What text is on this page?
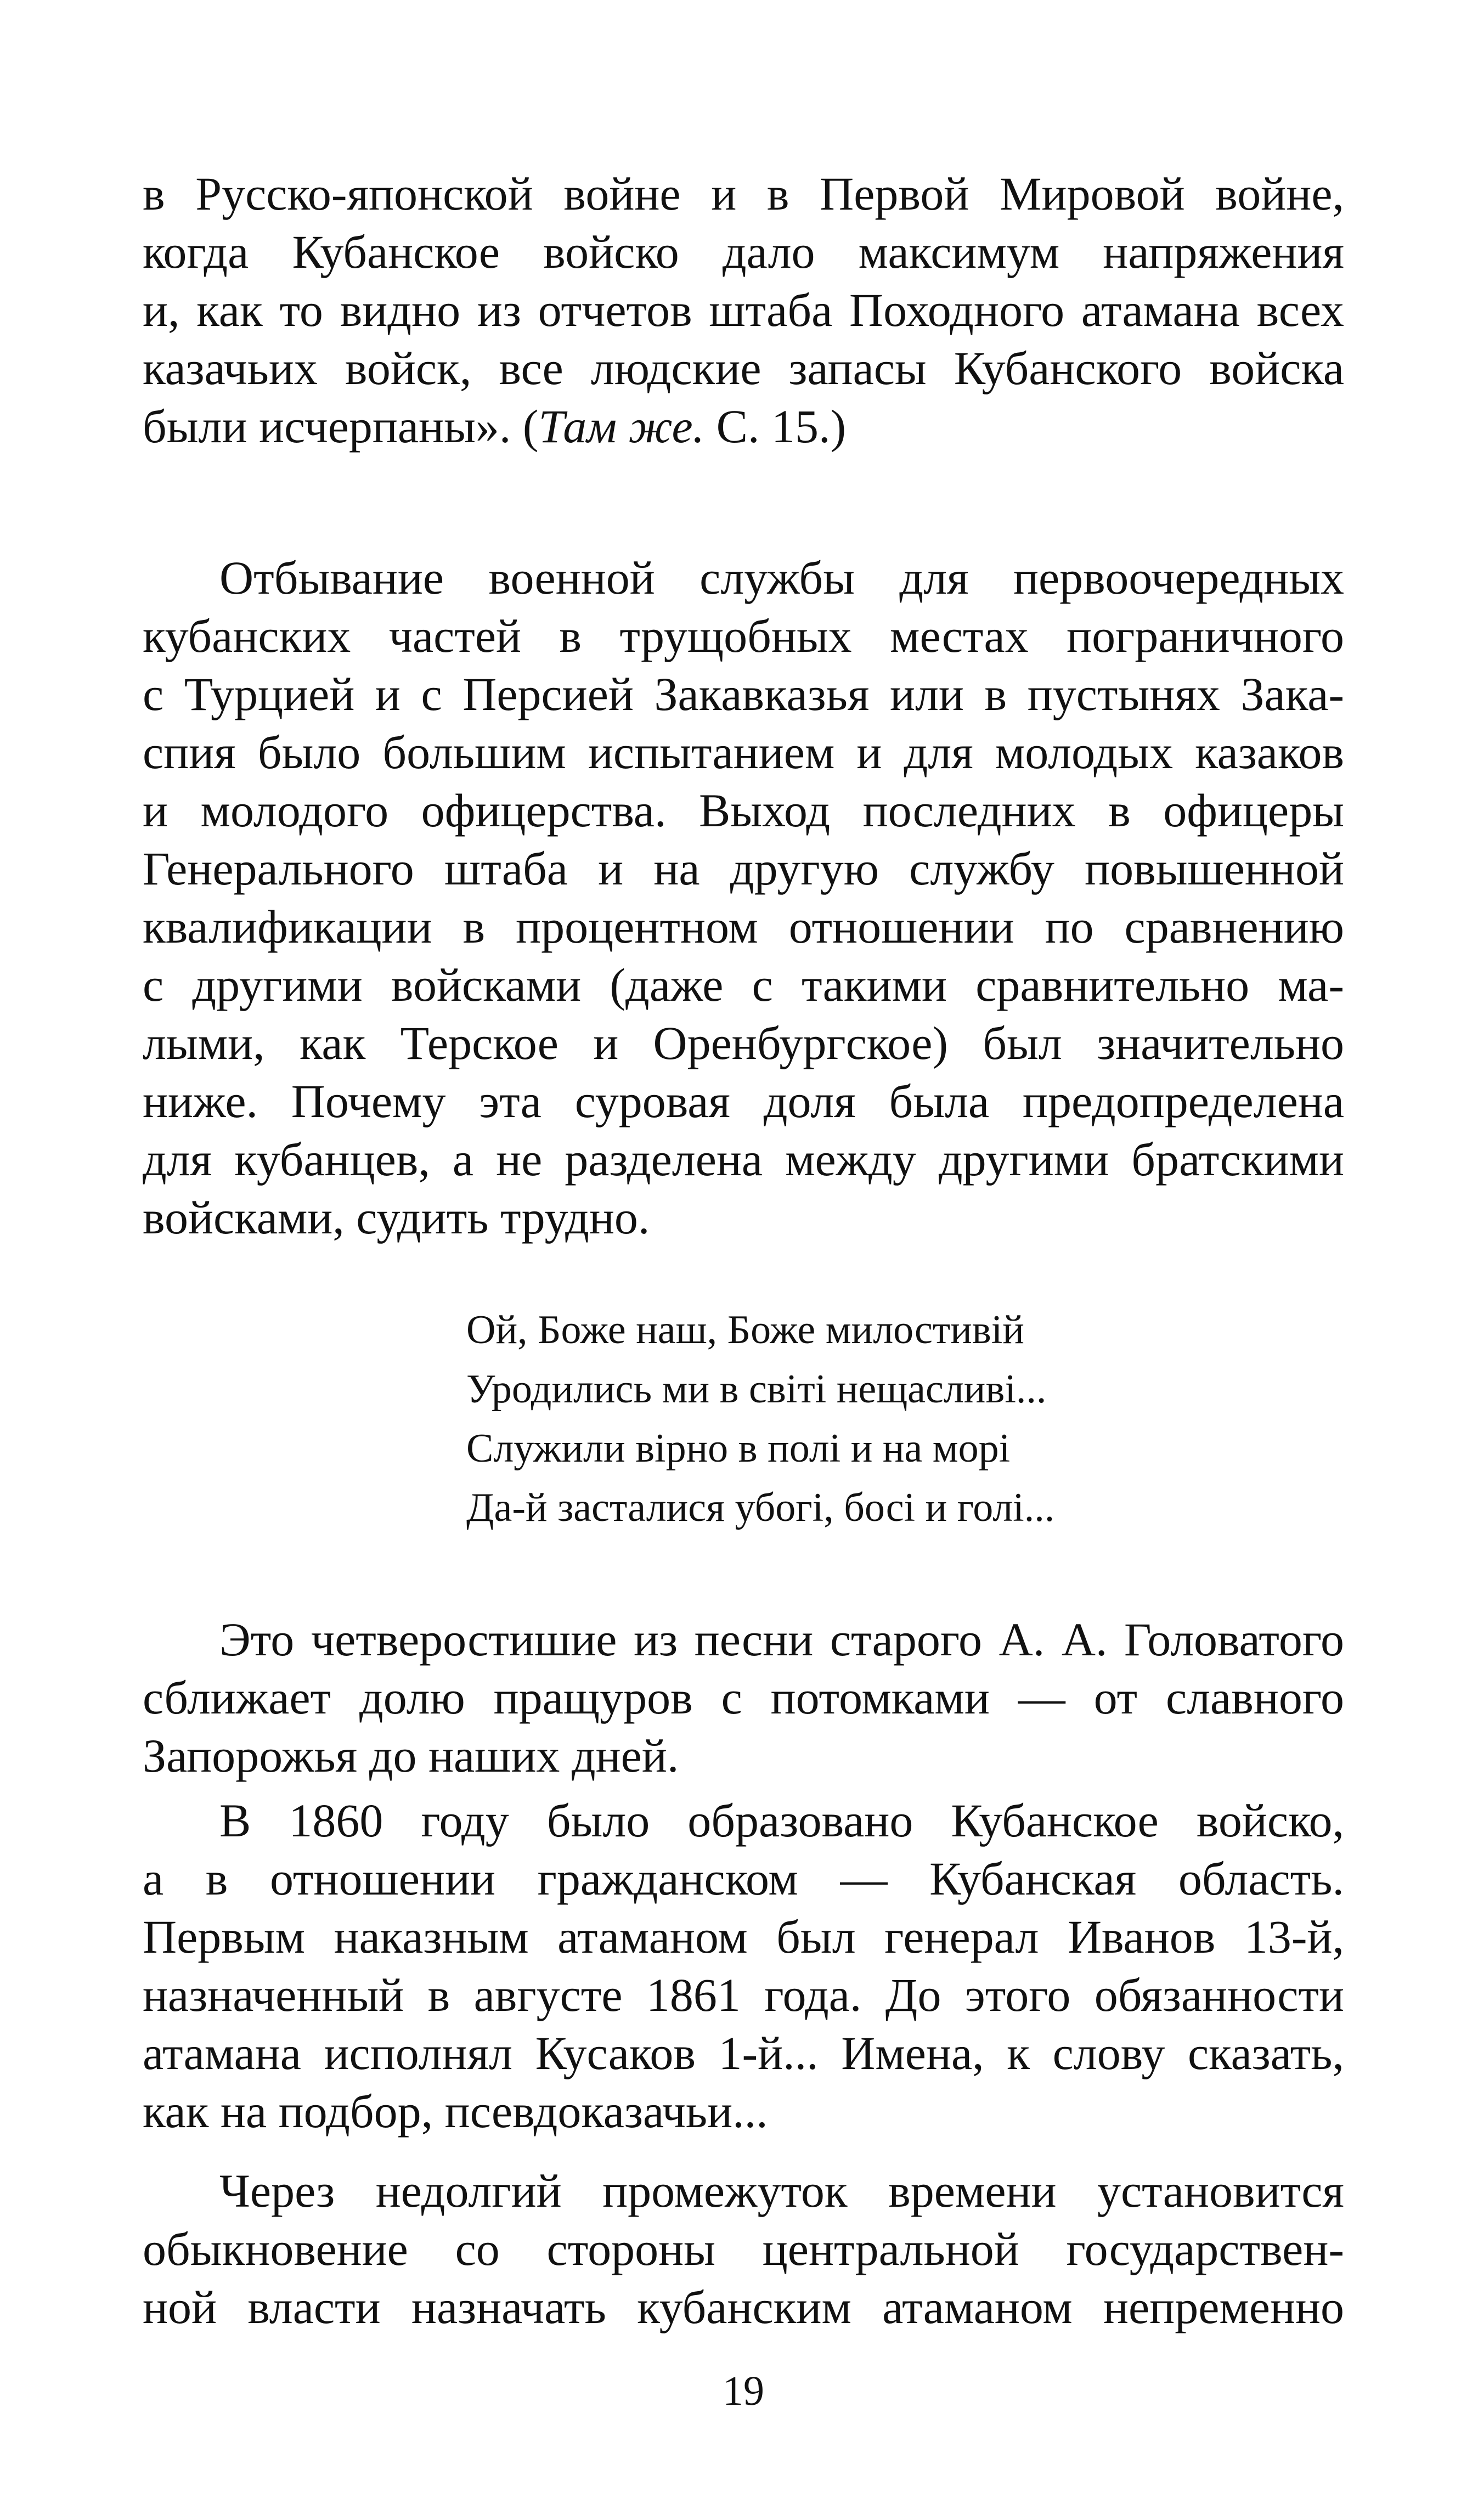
в Русско-японской войне и в Первой Мировой войне,
когда Кубанское войско дало максимум напряжения
и, как то видно из отчетов штаба Походного атамана всех
казачьих войск, все людские запасы Кубанского войска
были исчерпаны». (Там же. С. 15.)
Отбывание военной службы для первоочередных
кубанских частей в трущобных местах пограничного
с Турцией и с Персией Закавказья или в пустынях Зака-
спия было большим испытанием и для молодых казаков
и молодого офицерства. Выход последних в офицеры
Генерального штаба и на другую службу повышенной
квалификации в процентном отношении по сравнению
с другими войсками (даже с такими сравнительно ма-
лыми, как Терское и Оренбургское) был значительно
ниже. Почему эта суровая доля была предопределена
для кубанцев, а не разделена между другими братскими
войсками, судить трудно.
Ой, Боже наш, Боже милостивій
Уродились ми в світі нещасливі...
Служили вірно в полі и на морі
Да-й засталися убогі, босі и голі...
Это четверостишие из песни старого А. А. Головатого
сближает долю пращуров с потомками — от славного
Запорожья до наших дней.
В 1860 году было образовано Кубанское войско,
а в отношении гражданском — Кубанская область.
Первым наказным атаманом был генерал Иванов 13-й,
назначенный в августе 1861 года. До этого обязанности
атамана исполнял Кусаков 1-й... Имена, к слову сказать,
как на подбор, псевдоказачьи...
Через недолгий промежуток времени установится
обыкновение со стороны центральной государствен-
ной власти назначать кубанским атаманом непременно
19
